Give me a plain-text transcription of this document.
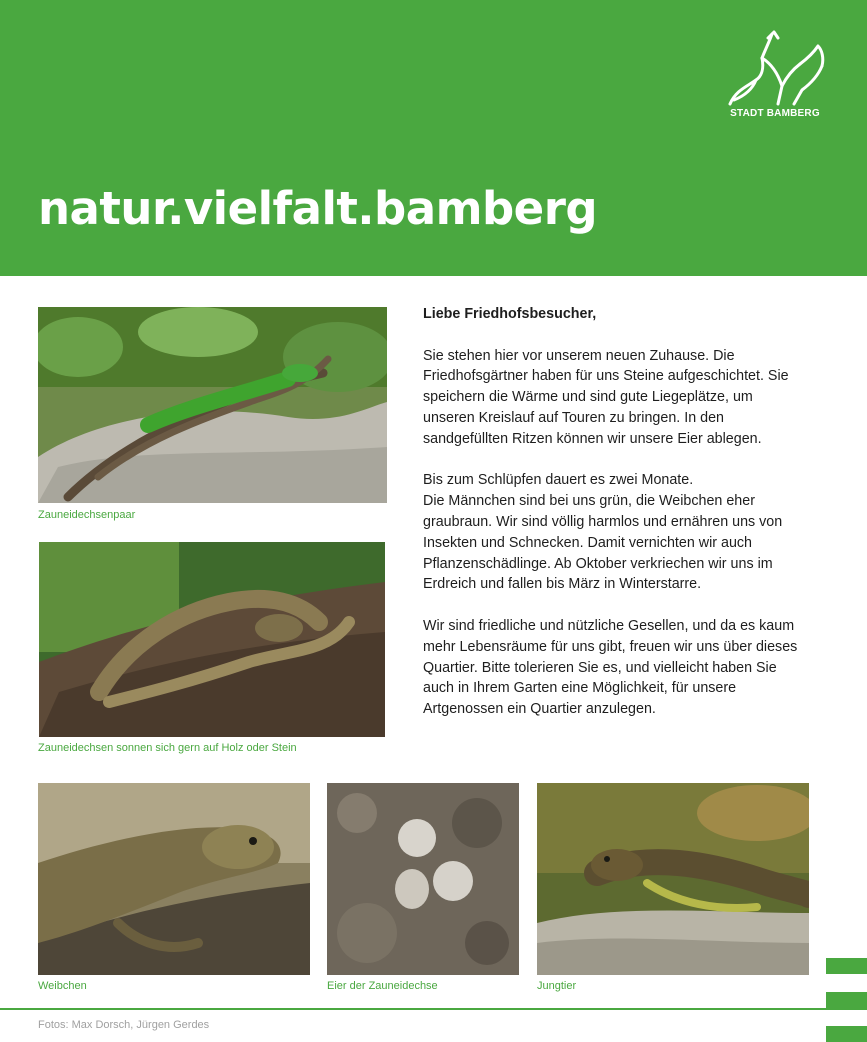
STADT BAMBERG
natur.vielfalt.bamberg
Zauneidechsenpaar
Zauneidechsen sonnen sich gern auf Holz oder Stein
Weibchen	Eier der Zauneidechse	Jungtier

Liebe Friedhofsbesucher,

Sie stehen hier vor unserem neuen Zuhause. Die Friedhofsgärtner haben für uns Steine aufgeschichtet. Sie speichern die Wärme und sind gute Liegeplätze, um unseren Kreislauf auf Touren zu bringen. In den sandgefüllten Ritzen können wir unsere Eier ablegen.

Bis zum Schlüpfen dauert es zwei Monate.

Die Männchen sind bei uns grün, die Weibchen eher graubraun. Wir sind völlig harmlos und ernähren uns von Insekten und Schnecken. Damit vernichten wir auch Pflanzenschädlinge. Ab Oktober verkriechen wir uns im Erdreich und fallen bis März in Winterstarre.

Wir sind friedliche und nützliche Gesellen, und da es kaum mehr Lebensräume für uns gibt, freuen wir uns über dieses Quartier. Bitte tolerieren Sie es, und vielleicht haben Sie auch in Ihrem Garten eine Möglichkeit, für unsere Artgenossen ein Quartier anzulegen.

Fotos: Max Dorsch, Jürgen Gerdes
